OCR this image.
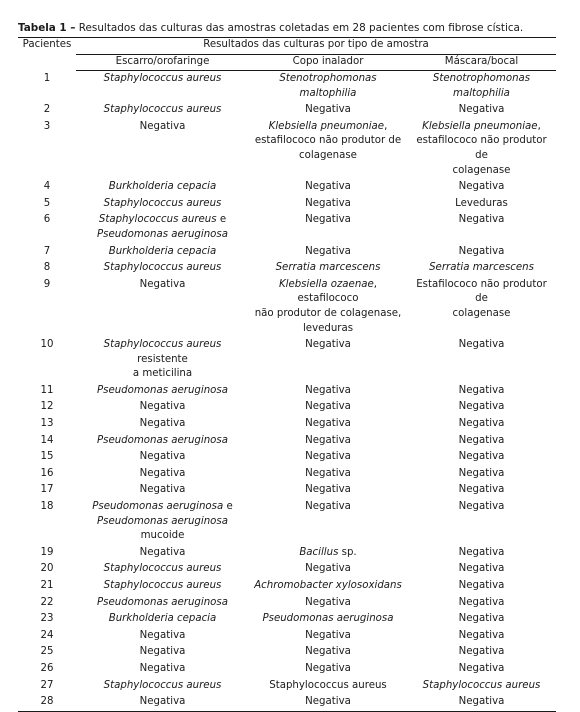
Tabela 1 – Resultados das culturas das amostras coletadas em 28 pacientes com fibrose cística.
Pacientes	Resultados das culturas por tipo de amostra		
	Escarro/orofaringe	Copo inalador	Máscara/bocal
1	Staphylococcus aureus	Stenotrophomonas maltophilia	Stenotrophomonas maltophilia
2	Staphylococcus aureus	Negativa	Negativa
3	Negativa	Klebsiella pneumoniae,
estafilococo não produtor de
colagenase	Klebsiella pneumoniae,
estafilococo não produtor de
colagenase
4	Burkholderia cepacia	Negativa	Negativa
5	Staphylococcus aureus	Negativa	Leveduras
6	Staphylococcus aureus e
Pseudomonas aeruginosa	Negativa	Negativa
7	Burkholderia cepacia	Negativa	Negativa
8	Staphylococcus aureus	Serratia marcescens	Serratia marcescens
9	Negativa	Klebsiella ozaenae, estafilococo
não produtor de colagenase,
leveduras	Estafilococo não produtor de
colagenase
10	Staphylococcus aureus resistente
a meticilina	Negativa	Negativa
11	Pseudomonas aeruginosa	Negativa	Negativa
12	Negativa	Negativa	Negativa
13	Negativa	Negativa	Negativa
14	Pseudomonas aeruginosa	Negativa	Negativa
15	Negativa	Negativa	Negativa
16	Negativa	Negativa	Negativa
17	Negativa	Negativa	Negativa
18	Pseudomonas aeruginosa e
Pseudomonas aeruginosa
mucoide	Negativa	Negativa
19	Negativa	Bacillus sp.	Negativa
20	Staphylococcus aureus	Negativa	Negativa
21	Staphylococcus aureus	Achromobacter xylosoxidans	Negativa
22	Pseudomonas aeruginosa	Negativa	Negativa
23	Burkholderia cepacia	Pseudomonas aeruginosa	Negativa
24	Negativa	Negativa	Negativa
25	Negativa	Negativa	Negativa
26	Negativa	Negativa	Negativa
27	Staphylococcus aureus	Staphylococcus aureus	Staphylococcus aureus
28	Negativa	Negativa	Negativa
